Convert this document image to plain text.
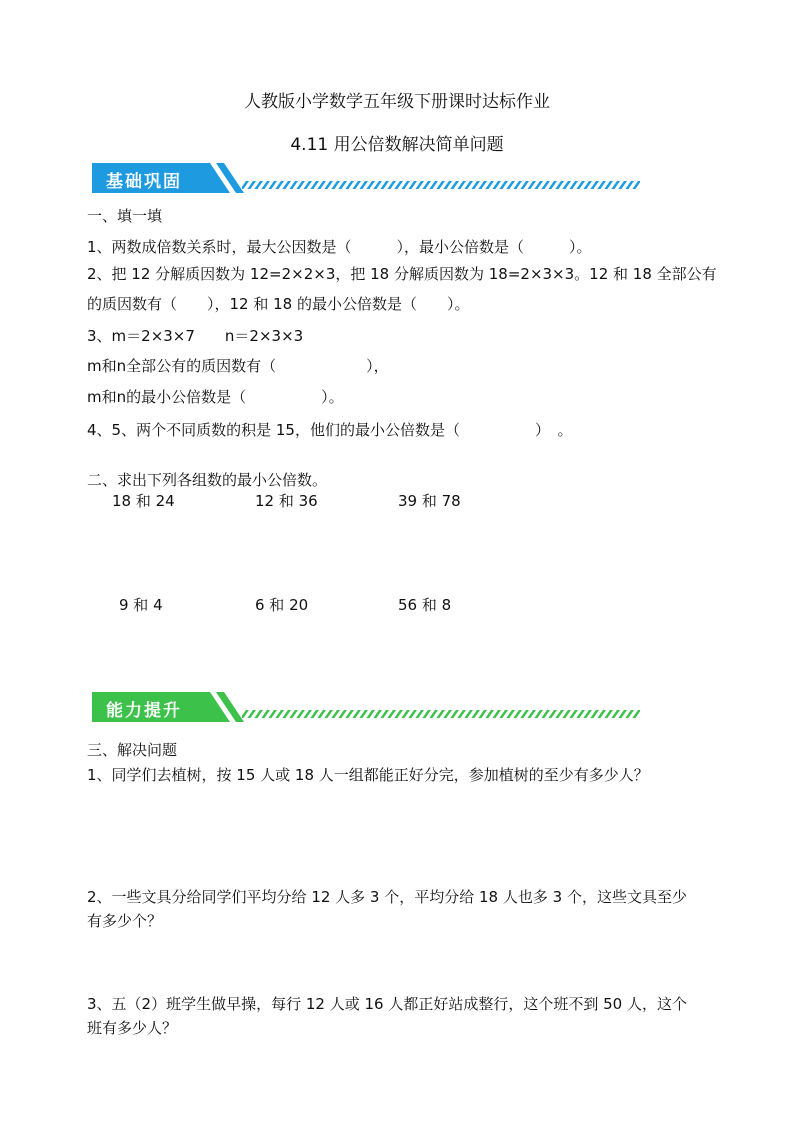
人教版小学数学五年级下册课时达标作业
4.11 用公倍数解决简单问题
基础巩固
一、填一填
1、两数成倍数关系时，最大公因数是（　　　），最小公倍数是（　　　）。
2、把 12 分解质因数为 12=2×2×3，把 18 分解质因数为 18=2×3×3。12 和 18 全部公有
的质因数有（　　），12 和 18 的最小公倍数是（　　）。
3、m＝2×3×7　　n＝2×3×3
m和n全部公有的质因数有（　　　　　　），
m和n的最小公倍数是（　　　　　）。
4、5、两个不同质数的积是 15，他们的最小公倍数是（　　　　　）　。
二、求出下列各组数的最小公倍数。
18 和 24	12 和 36	39 和 78
9 和 4	6 和 20	56 和 8
能力提升
三、解决问题
1、同学们去植树，按 15 人或 18 人一组都能正好分完，参加植树的至少有多少人？
2、一些文具分给同学们平均分给 12 人多 3 个，平均分给 18 人也多 3 个，这些文具至少
有多少个？
3、五（2）班学生做早操，每行 12 人或 16 人都正好站成整行，这个班不到 50 人，这个
班有多少人？
